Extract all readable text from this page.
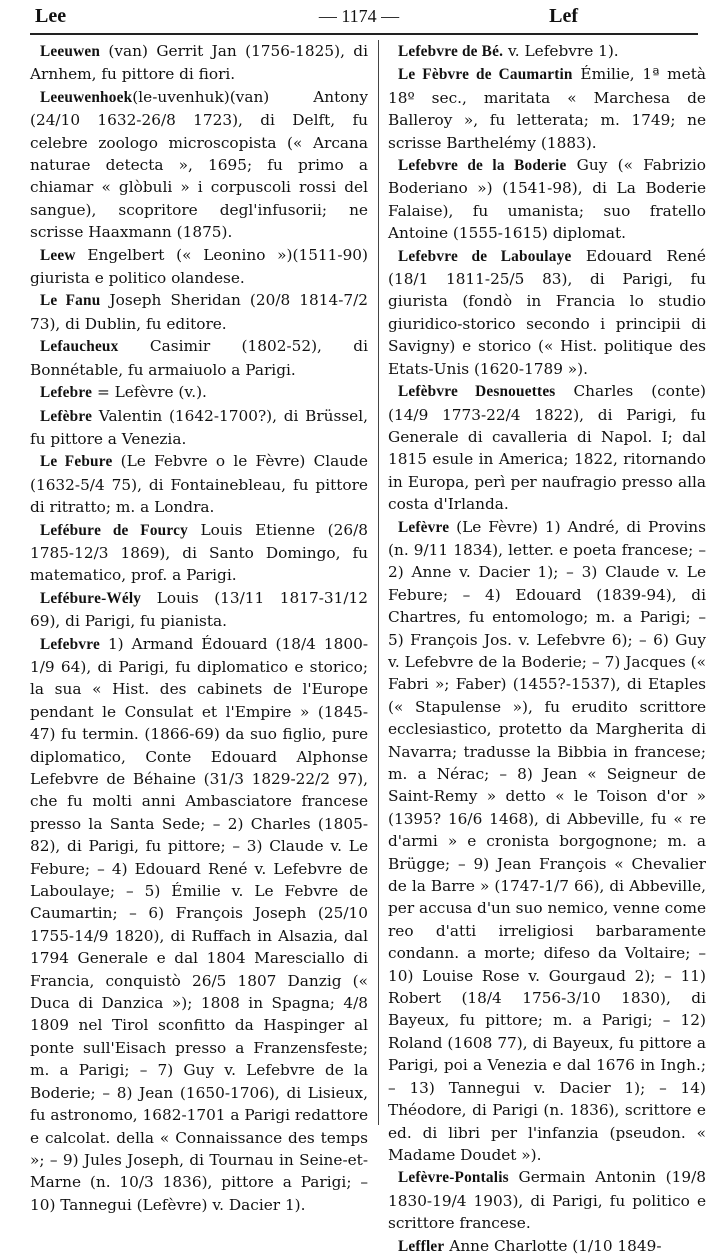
Lee	— 1174 —	Lef

Leeuwen (van) Gerrit Jan (1756-1825), di Arnhem, fu pittore di fiori.

Leeuwenhoek(le-uvenhuk)(van) Antony (24/10 1632-26/8 1723), di Delft, fu celebre zoologo microscopista (« Arcana naturae detecta », 1695; fu primo a chiamar « glòbuli » i corpuscoli rossi del sangue), scopritore degl'infusorii; ne scrisse Haaxmann (1875).

Leew Engelbert (« Leonino »)(1511-90) giurista e politico olandese.

Le Fanu Joseph Sheridan (20/8 1814-7/2 73), di Dublin, fu editore.

Lefaucheux Casimir (1802-52), di Bonnétable, fu armaiuolo a Parigi.

Lefebre = Lefèvre (v.).

Lefèbre Valentin (1642-1700?), di Brüssel, fu pittore a Venezia.

Le Febure (Le Febvre o le Fèvre) Claude (1632-5/4 75), di Fontainebleau, fu pittore di ritratto; m. a Londra.

Leféburе de Fourcy Louis Etienne (26/8 1785-12/3 1869), di Santo Domingo, fu matematico, prof. a Parigi.

Leféburе-Wély Louis (13/11 1817-31/12 69), di Parigi, fu pianista.

Lefebvre 1) Armand Édouard (18/4 1800-1/9 64), di Parigi, fu diplomatico e storico; la sua « Hist. des cabinets de l'Europe pendant le Consulat et l'Empire » (1845-47) fu termin. (1866-69) da suo figlio, pure diplomatico, Conte Edouard Alphonse Lefebvre de Béhaine (31/3 1829-22/2 97), che fu molti anni Ambasciatore francese presso la Santa Sede; – 2) Charles (1805-82), di Parigi, fu pittore; – 3) Claude v. Le Febure; – 4) Edouard René v. Lefebvre de Laboulaye; – 5) Émilie v. Le Febvre de Caumartin; – 6) François Joseph (25/10 1755-14/9 1820), di Ruffach in Alsazia, dal 1794 Generale e dal 1804 Maresciallo di Francia, conquistò 26/5 1807 Danzig (« Duca di Danzica »); 1808 in Spagna; 4/8 1809 nel Tirol sconfitto da Haspinger al ponte sull'Eisach presso a Franzensfeste; m. a Parigi; – 7) Guy v. Lefebvre de la Boderie; – 8) Jean (1650-1706), di Lisieux, fu astronomo, 1682-1701 a Parigi redattore e calcolat. della « Connaissance des temps »; – 9) Jules Joseph, di Tournau in Seine-et-Marne (n. 10/3 1836), pittore a Parigi; – 10) Tannegui (Lefèvre) v. Dacier 1).

Lefebvre de Bé. v. Lefebvre 1).

Le Fèbvre de Caumartin Émilie, 1ª metà 18º sec., maritata « Marchesa de Balleroy », fu letterata; m. 1749; ne scrisse Barthelémy (1883).

Lefebvre de la Boderie Guy (« Fabrizio Boderiano ») (1541-98), di La Boderie Falaise), fu umanista; suo fratello Antoine (1555-1615) diplomat.

Lefebvre de Laboulaye Edouard René (18/1 1811-25/5 83), di Parigi, fu giurista (fondò in Francia lo studio giuridico-storico secondo i principii di Savigny) e storico (« Hist. politique des Etats-Unis (1620-1789 »).

Lefèbvre Desnouettes Charles (conte) (14/9 1773-22/4 1822), di Parigi, fu Generale di cavalleria di Napol. I; dal 1815 esule in America; 1822, ritornando in Europa, perì per naufragio presso alla costa d'Irlanda.

Lefèvre (Le Fèvre) 1) André, di Provins (n. 9/11 1834), letter. e poeta francese; – 2) Anne v. Dacier 1); – 3) Claude v. Le Febure; – 4) Edouard (1839-94), di Chartres, fu entomologo; m. a Parigi; – 5) François Jos. v. Lefebvre 6); – 6) Guy v. Lefebvre de la Boderie; – 7) Jacques (« Fabri »; Faber) (1455?-1537), di Etaples (« Stapulense »), fu erudito scrittore ecclesiastico, protetto da Margherita di Navarra; tradusse la Bibbia in francese; m. a Nérac; – 8) Jean « Seigneur de Saint-Remy » detto « le Toison d'or » (1395? 16/6 1468), di Abbeville, fu « re d'armi » e cronista borgognone; m. a Brügge; – 9) Jean François « Chevalier de la Barre » (1747-1/7 66), di Abbeville, per accusa d'un suo nemico, venne come reo d'atti irreligiosi barbaramente condann. a morte; difeso da Voltaire; – 10) Louise Rose v. Gourgaud 2); – 11) Robert (18/4 1756-3/10 1830), di Bayeux, fu pittore; m. a Parigi; – 12) Roland (1608 77), di Bayeux, fu pittore a Parigi, poi a Venezia e dal 1676 in Ingh.; – 13) Tannegui v. Dacier 1); – 14) Théodore, di Parigi (n. 1836), scrittore e ed. di libri per l'infanzia (pseudon. « Madame Doudet »).

Lefèvre-Pontalis Germain Antonin (19/8 1830-19/4 1903), di Parigi, fu politico e scrittore francese.

Leffler Anne Charlotte (1/10 1849-
